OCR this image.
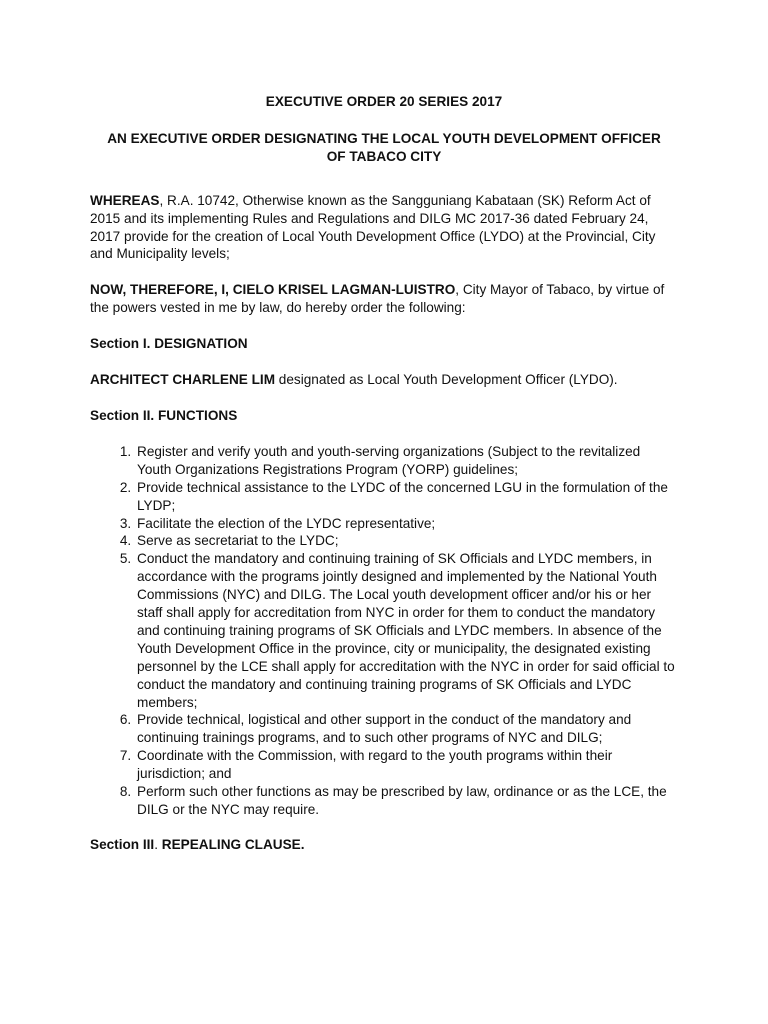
EXECUTIVE ORDER 20 SERIES 2017
AN EXECUTIVE ORDER DESIGNATING THE LOCAL YOUTH DEVELOPMENT OFFICER OF TABACO CITY

WHEREAS, R.A. 10742, Otherwise known as the Sangguniang Kabataan (SK) Reform Act of 2015 and its implementing Rules and Regulations and DILG MC 2017-36 dated February 24, 2017 provide for the creation of Local Youth Development Office (LYDO) at the Provincial, City and Municipality levels;

NOW, THEREFORE, I, CIELO KRISEL LAGMAN-LUISTRO, City Mayor of Tabaco, by virtue of the powers vested in me by law, do hereby order the following:

Section I. DESIGNATION

ARCHITECT CHARLENE LIM designated as Local Youth Development Officer (LYDO).

Section II. FUNCTIONS
1. Register and verify youth and youth-serving organizations (Subject to the revitalized Youth Organizations Registrations Program (YORP) guidelines;
2. Provide technical assistance to the LYDC of the concerned LGU in the formulation of the LYDP;
3. Facilitate the election of the LYDC representative;
4. Serve as secretariat to the LYDC;
5. Conduct the mandatory and continuing training of SK Officials and LYDC members, in accordance with the programs jointly designed and implemented by the National Youth Commissions (NYC) and DILG. The Local youth development officer and/or his or her staff shall apply for accreditation from NYC in order for them to conduct the mandatory and continuing training programs of SK Officials and LYDC members. In absence of the Youth Development Office in the province, city or municipality, the designated existing personnel by the LCE shall apply for accreditation with the NYC in order for said official to conduct the mandatory and continuing training programs of SK Officials and LYDC members;
6. Provide technical, logistical and other support in the conduct of the mandatory and continuing trainings programs, and to such other programs of NYC and DILG;
7. Coordinate with the Commission, with regard to the youth programs within their jurisdiction; and
8. Perform such other functions as may be prescribed by law, ordinance or as the LCE, the DILG or the NYC may require.
Section III. REPEALING CLAUSE.
